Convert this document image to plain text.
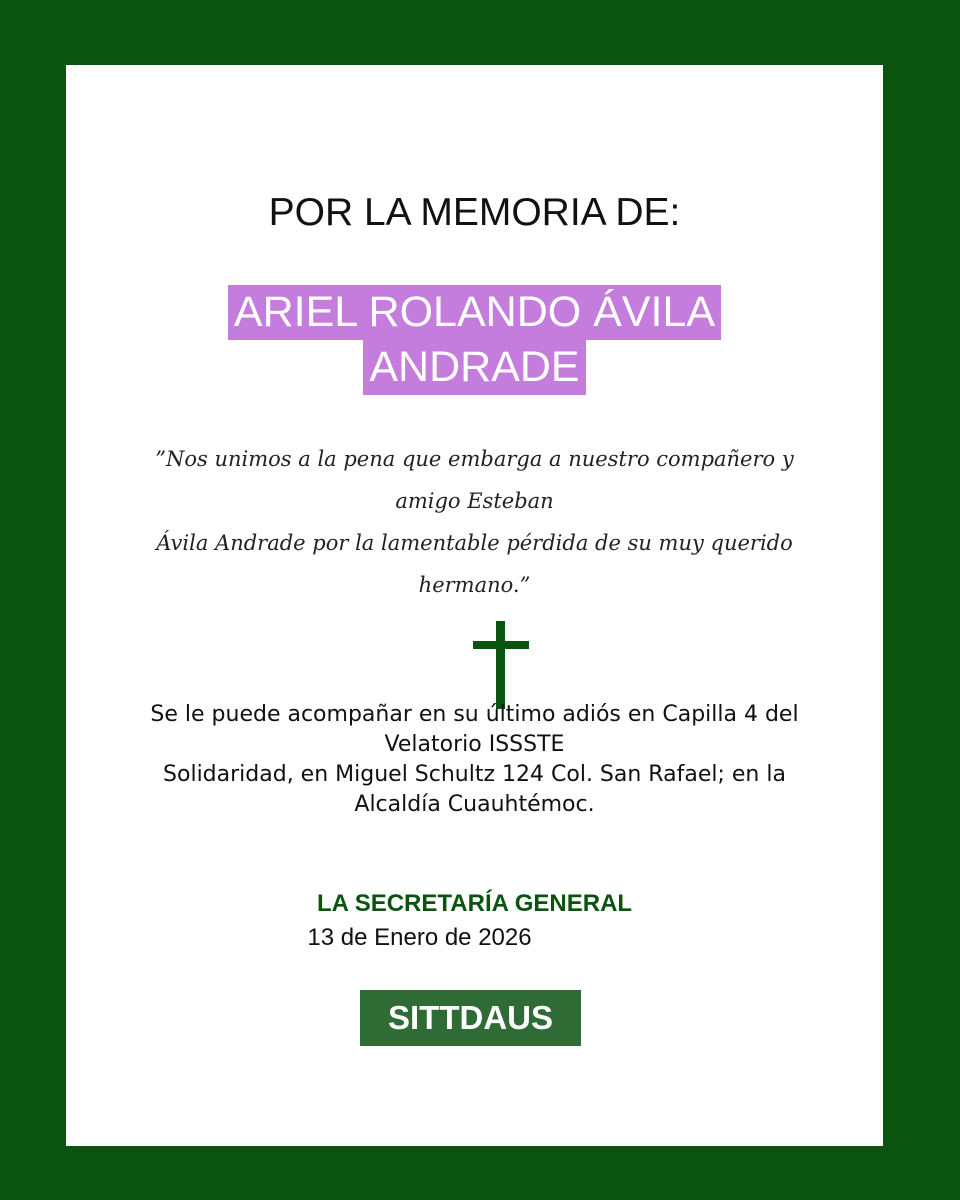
POR LA MEMORIA DE:
ARIEL ROLANDO ÁVILA
ANDRADE
”Nos unimos a la pena que embarga a nuestro compañero y amigo Esteban
Ávila Andrade por la lamentable pérdida de su muy querido hermano.”
Se le puede acompañar en su último adiós en Capilla 4 del
Velatorio ISSSTE
Solidaridad, en Miguel Schultz 124 Col. San Rafael; en la
Alcaldía Cuauhtémoc.
LA SECRETARÍA GENERAL
13 de Enero de 2026
SITTDAUS
